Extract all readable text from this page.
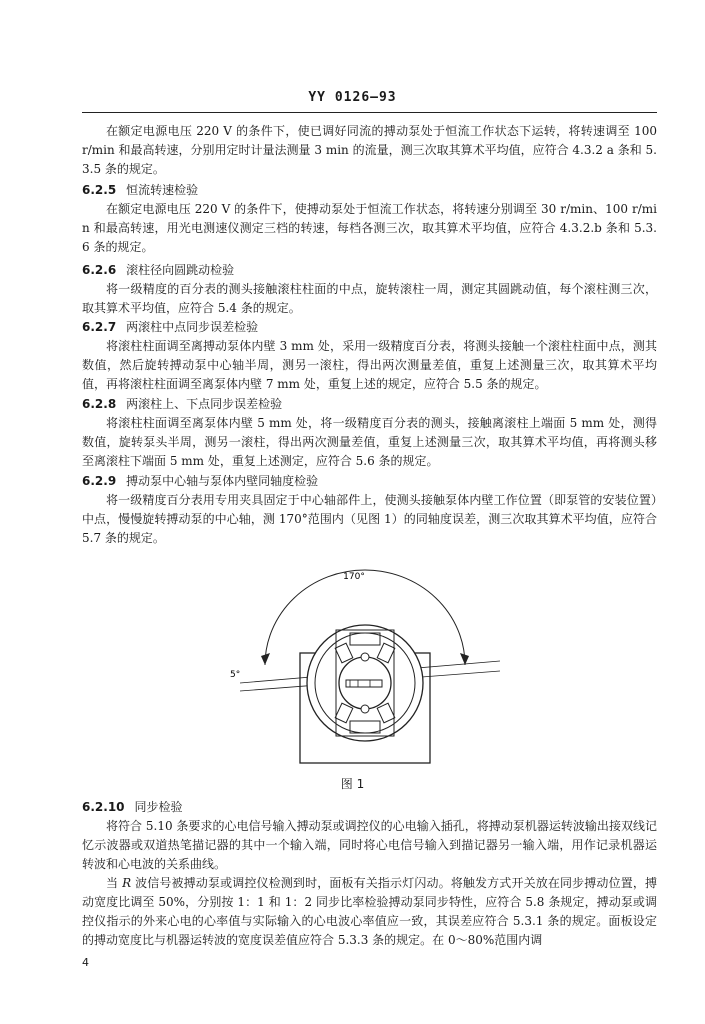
YY 0126—93

在额定电源电压 220 V 的条件下，使已调好同流的搏动泵处于恒流工作状态下运转，将转速调至 100 r/min 和最高转速，分别用定时计量法测量 3 min 的流量，测三次取其算术平均值，应符合 4.3.2 a 条和 5.3.5 条的规定。

6.2.5 恒流转速检验

在额定电源电压 220 V 的条件下，使搏动泵处于恒流工作状态，将转速分别调至 30 r/min、100 r/min 和最高转速，用光电测速仪测定三档的转速，每档各测三次，取其算术平均值，应符合 4.3.2.b 条和 5.3.6 条的规定。

6.2.6 滚柱径向圆跳动检验

将一级精度的百分表的测头接触滚柱柱面的中点，旋转滚柱一周，测定其圆跳动值，每个滚柱测三次，取其算术平均值，应符合 5.4 条的规定。

6.2.7 两滚柱中点同步误差检验

将滚柱柱面调至离搏动泵体内壁 3 mm 处，采用一级精度百分表，将测头接触一个滚柱柱面中点，测其数值，然后旋转搏动泵中心轴半周，测另一滚柱，得出两次测量差值，重复上述测量三次，取其算术平均值，再将滚柱柱面调至离泵体内壁 7 mm 处，重复上述的规定，应符合 5.5 条的规定。

6.2.8 两滚柱上、下点同步误差检验

将滚柱柱面调至离泵体内壁 5 mm 处，将一级精度百分表的测头，接触离滚柱上端面 5 mm 处，测得数值，旋转泵头半周，测另一滚柱，得出两次测量差值，重复上述测量三次，取其算术平均值，再将测头移至离滚柱下端面 5 mm 处，重复上述测定，应符合 5.6 条的规定。

6.2.9 搏动泵中心轴与泵体内壁同轴度检验

将一级精度百分表用专用夹具固定于中心轴部件上，使测头接触泵体内壁工作位置（即泵管的安装位置）中点，慢慢旋转搏动泵的中心轴，测 170°范围内（见图 1）的同轴度误差，测三次取其算术平均值，应符合 5.7 条的规定。

170°
5°
图 1

6.2.10 同步检验

将符合 5.10 条要求的心电信号输入搏动泵或调控仪的心电输入插孔，将搏动泵机器运转波输出接双线记忆示波器或双道热笔描记器的其中一个输入端，同时将心电信号输入到描记器另一输入端，用作记录机器运转波和心电波的关系曲线。

当 R 波信号被搏动泵或调控仪检测到时，面板有关指示灯闪动。将触发方式开关放在同步搏动位置，搏动宽度比调至 50%，分别按 1：1 和 1：2 同步比率检验搏动泵同步特性，应符合 5.8 条规定，搏动泵或调控仪指示的外来心电的心率值与实际输入的心电波心率值应一致，其误差应符合 5.3.1 条的规定。面板设定的搏动宽度比与机器运转波的宽度误差值应符合 5.3.3 条的规定。在 0～80%范围内调

4
